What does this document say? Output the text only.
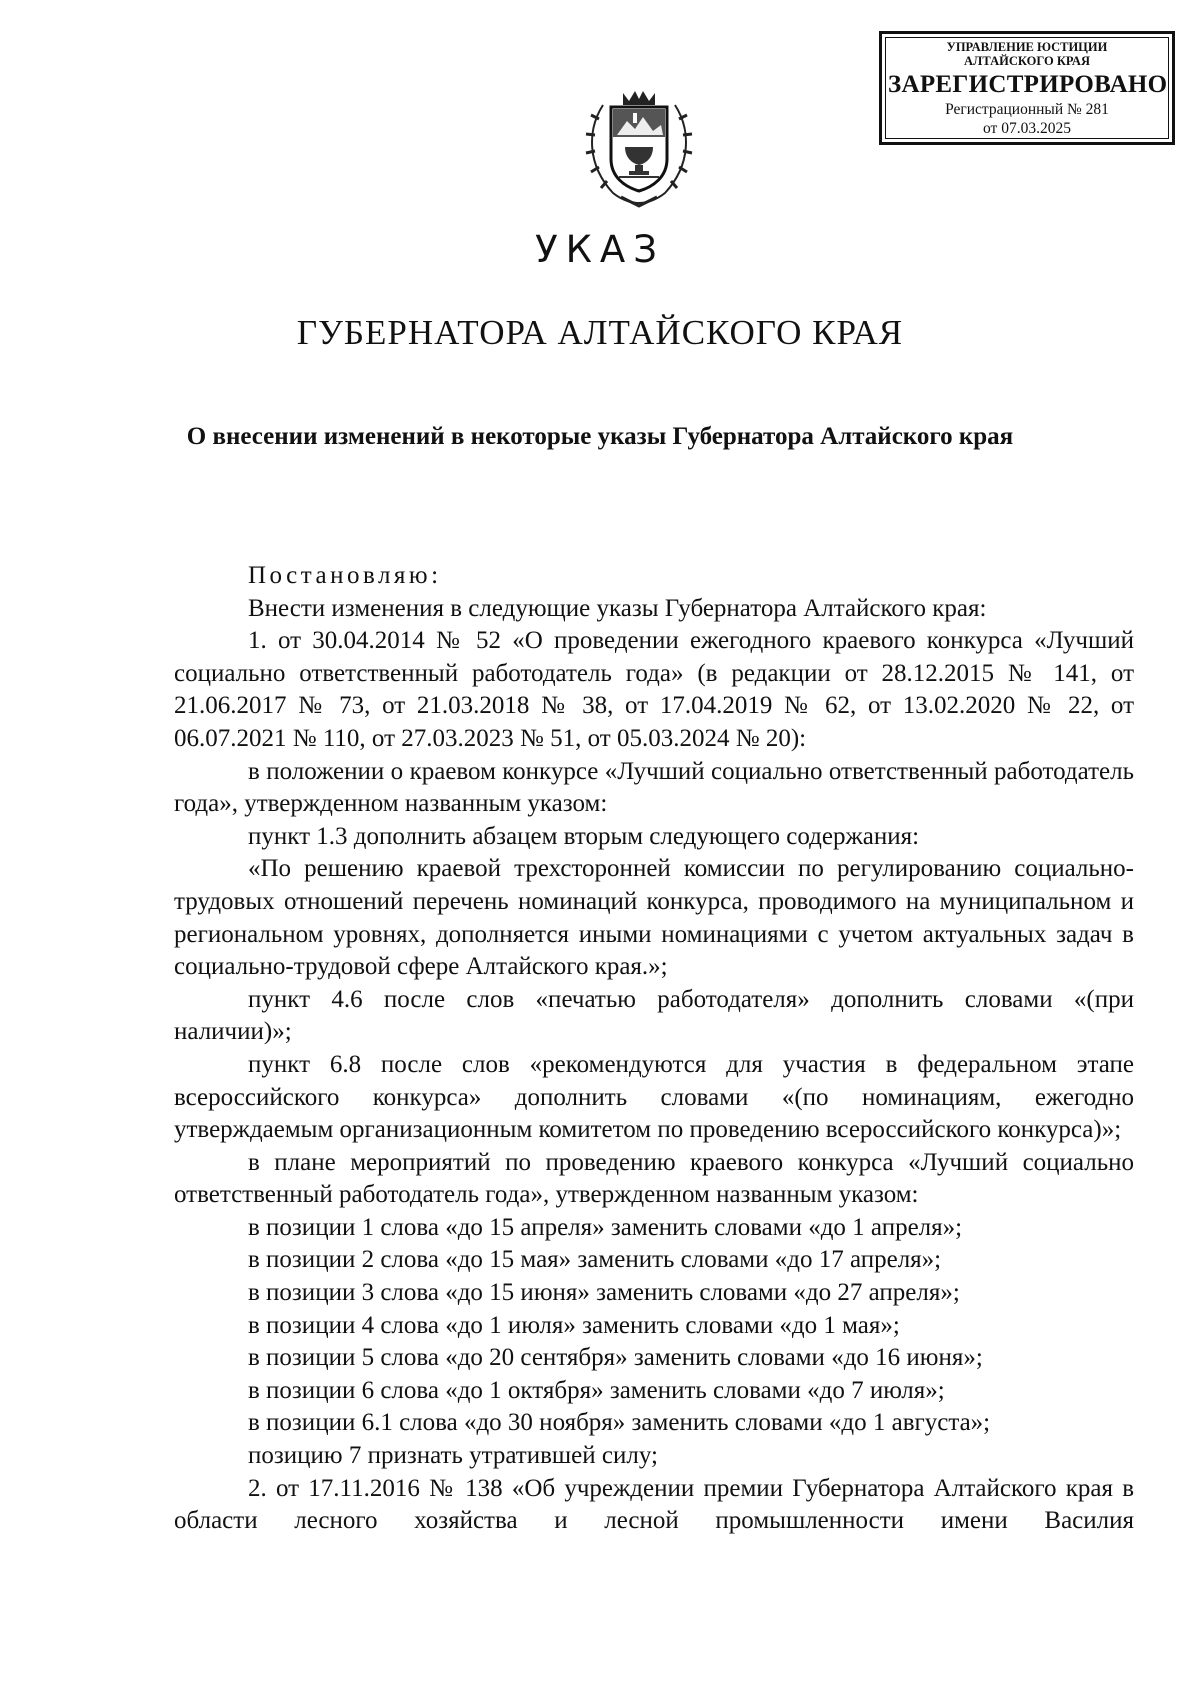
УПРАВЛЕНИЕ ЮСТИЦИИ
АЛТАЙСКОГО КРАЯ
ЗАРЕГИСТРИРОВАНО
Регистрационный № 281
от 07.03.2025
УКАЗ
ГУБЕРНАТОРА АЛТАЙСКОГО КРАЯ
О внесении изменений в некоторые указы Губернатора Алтайского края

Постановляю:

Внести изменения в следующие указы Губернатора Алтайского края:

1. от 30.04.2014 № 52 «О проведении ежегодного краевого конкурса «Лучший социально ответственный работодатель года» (в редакции от 28.12.2015 № 141, от 21.06.2017 № 73, от 21.03.2018 № 38, от 17.04.2019 № 62, от 13.02.2020 № 22, от 06.07.2021 № 110, от 27.03.2023 № 51, от 05.03.2024 № 20):

в положении о краевом конкурсе «Лучший социально ответственный работодатель года», утвержденном названным указом:

пункт 1.3 дополнить абзацем вторым следующего содержания:

«По решению краевой трехсторонней комиссии по регулированию социально-трудовых отношений перечень номинаций конкурса, проводимого на муниципальном и региональном уровнях, дополняется иными номинациями с учетом актуальных задач в социально-трудовой сфере Алтайского края.»;

пункт 4.6 после слов «печатью работодателя» дополнить словами «(при наличии)»;

пункт 6.8 после слов «рекомендуются для участия в федеральном этапе всероссийского конкурса» дополнить словами «(по номинациям, ежегодно утверждаемым организационным комитетом по проведению всероссийского конкурса)»;

в плане мероприятий по проведению краевого конкурса «Лучший социально ответственный работодатель года», утвержденном названным указом:

в позиции 1 слова «до 15 апреля» заменить словами «до 1 апреля»;

в позиции 2 слова «до 15 мая» заменить словами «до 17 апреля»;

в позиции 3 слова «до 15 июня» заменить словами «до 27 апреля»;

в позиции 4 слова «до 1 июля» заменить словами «до 1 мая»;

в позиции 5 слова «до 20 сентября» заменить словами «до 16 июня»;

в позиции 6 слова «до 1 октября» заменить словами «до 7 июля»;

в позиции 6.1 слова «до 30 ноября» заменить словами «до 1 августа»;

позицию 7 признать утратившей силу;

2. от 17.11.2016 № 138 «Об учреждении премии Губернатора Алтайского края в области лесного хозяйства и лесной промышленности имени Василия
